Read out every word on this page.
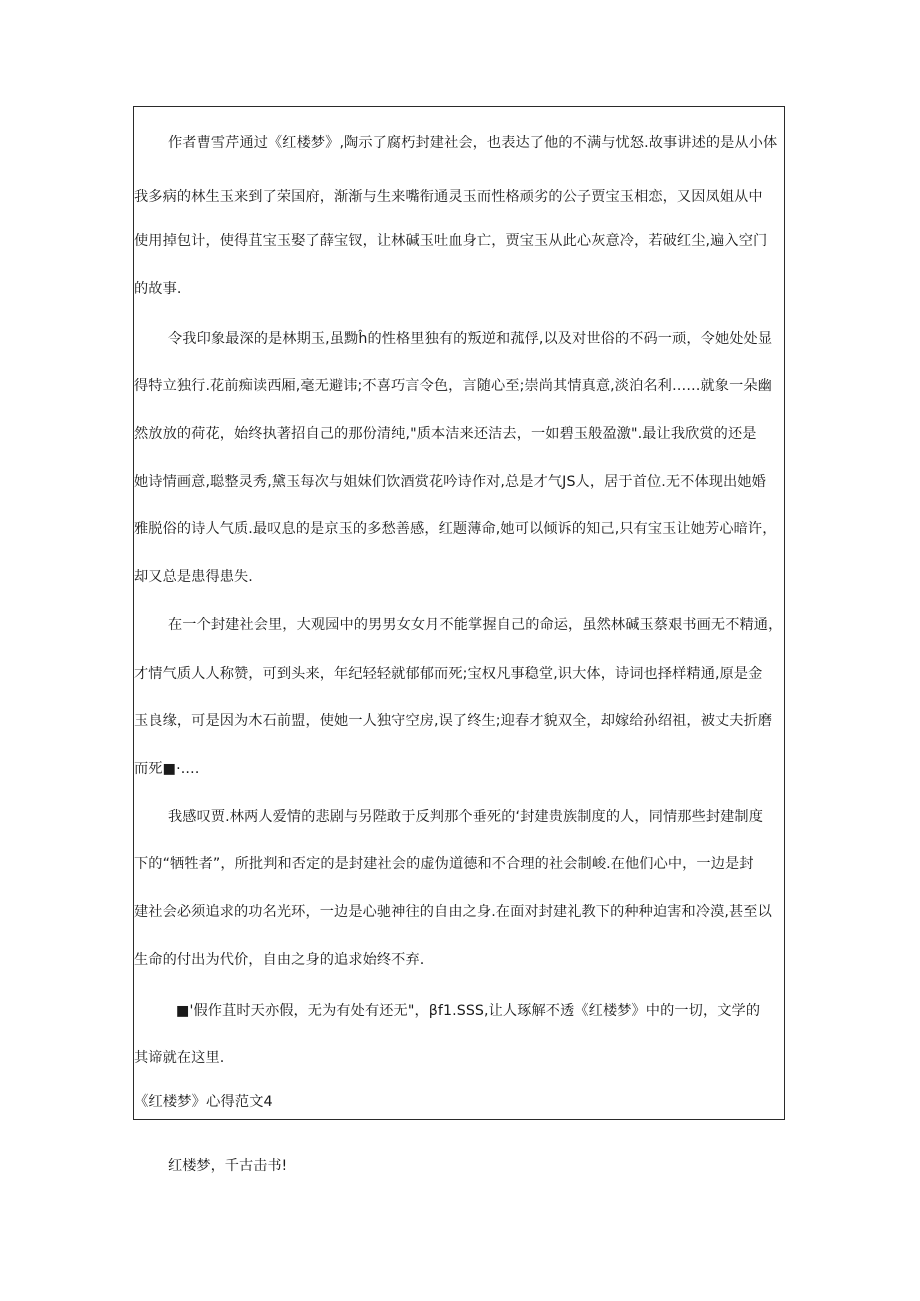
作者曹雪芹通过《红楼梦》,陶示了腐朽封建社会，也表达了他的不满与忧怒.故事讲述的是从小体
我多病的林生玉来到了荣国府，渐渐与生来嘴衔通灵玉而性格顽劣的公子贾宝玉相恋，又因凤姐从中
使用掉包计，使得苴宝玉娶了薛宝钗，让林碱玉吐血身亡，贾宝玉从此心灰意冷，若破红尘,遍入空门
的故事.
令我印象最深的是林期玉,虽黝ĥ的性格里独有的叛逆和菰俘,以及对世俗的不码一顽，令她处处显
得特立独行.花前痴读西厢,毫无避讳;不喜巧言令色，言随心至;崇尚其情真意,淡泊名利……就象一朵幽
然放放的荷花，始终执著招自己的那份清纯,"质本洁来还洁去，一如碧玉般盈激".最让我欣赏的还是
她诗情画意,聪整灵秀,黛玉每次与姐妹们饮酒赏花吟诗作对,总是才气JS人，居于首位.无不体现出她婚
雅脱俗的诗人气质.最叹息的是京玉的多愁善感，红题薄命,她可以倾诉的知己,只有宝玉让她芳心暗许，
却又总是患得患失.
在一个封建社会里，大观园中的男男女女月不能掌握自己的命运，虽然林碱玉蔡艰书画无不精通，
才情气质人人称赞，可到头来，年纪轻轻就郁郁而死;宝权凡事稳堂,识大体，诗词也择样精通,原是金
玉良缘，可是因为木石前盟，使她一人独守空房,误了终生;迎春才貌双全，却嫁给孙绍祖，被丈夫折磨
而死■·.…
我感叹贾.林两人爱情的悲剧与另陛敢于反判那个垂死的‘封建贵族制度的人，同情那些封建制度
下的“牺牲者”，所批判和否定的是封建社会的虚伪道德和不合理的社会制峻.在他们心中，一边是封
建社会必须追求的功名光环，一边是心驰神往的自由之身.在面对封建礼教下的种种迫害和冷漠,甚至以
生命的付出为代价，自由之身的追求始终不弃.
■'假作苴时天亦假，无为有处有还无"，βf1.SSS,让人琢解不透《红楼梦》中的一切，文学的
其谛就在这里.
《红楼梦》心得范文4
红楼梦，千古击书!
